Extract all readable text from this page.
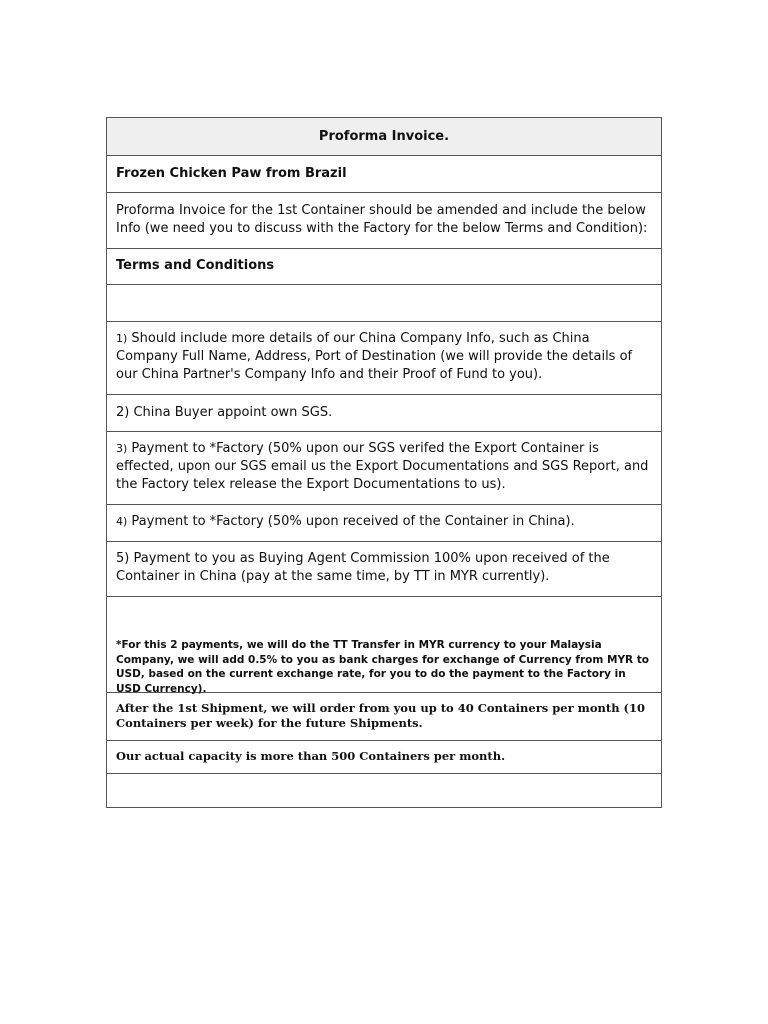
Proforma Invoice.
Frozen Chicken Paw from Brazil
Proforma Invoice for the 1st Container should be amended and include the below Info (we need you to discuss with the Factory for the below Terms and Condition):
Terms and Conditions
1) Should include more details of our China Company Info, such as China Company Full Name, Address, Port of Destination (we will provide the details of our China Partner's Company Info and their Proof of Fund to you).
2) China Buyer appoint own SGS.
3) Payment to *Factory (50% upon our SGS verifed the Export Container is effected, upon our SGS email us the Export Documentations and SGS Report, and the Factory telex release the Export Documentations to us).
4) Payment to *Factory (50% upon received of the Container in China).
5) Payment to you as Buying Agent Commission 100% upon received of the Container in China (pay at the same time, by TT in MYR currently).
*For this 2 payments, we will do the TT Transfer in MYR currency to your Malaysia Company, we will add 0.5% to you as bank charges for exchange of Currency from MYR to USD, based on the current exchange rate, for you to do the payment to the Factory in USD Currency).
After the 1st Shipment, we will order from you up to 40 Containers per month (10 Containers per week) for the future Shipments.
Our actual capacity is more than 500 Containers per month.
